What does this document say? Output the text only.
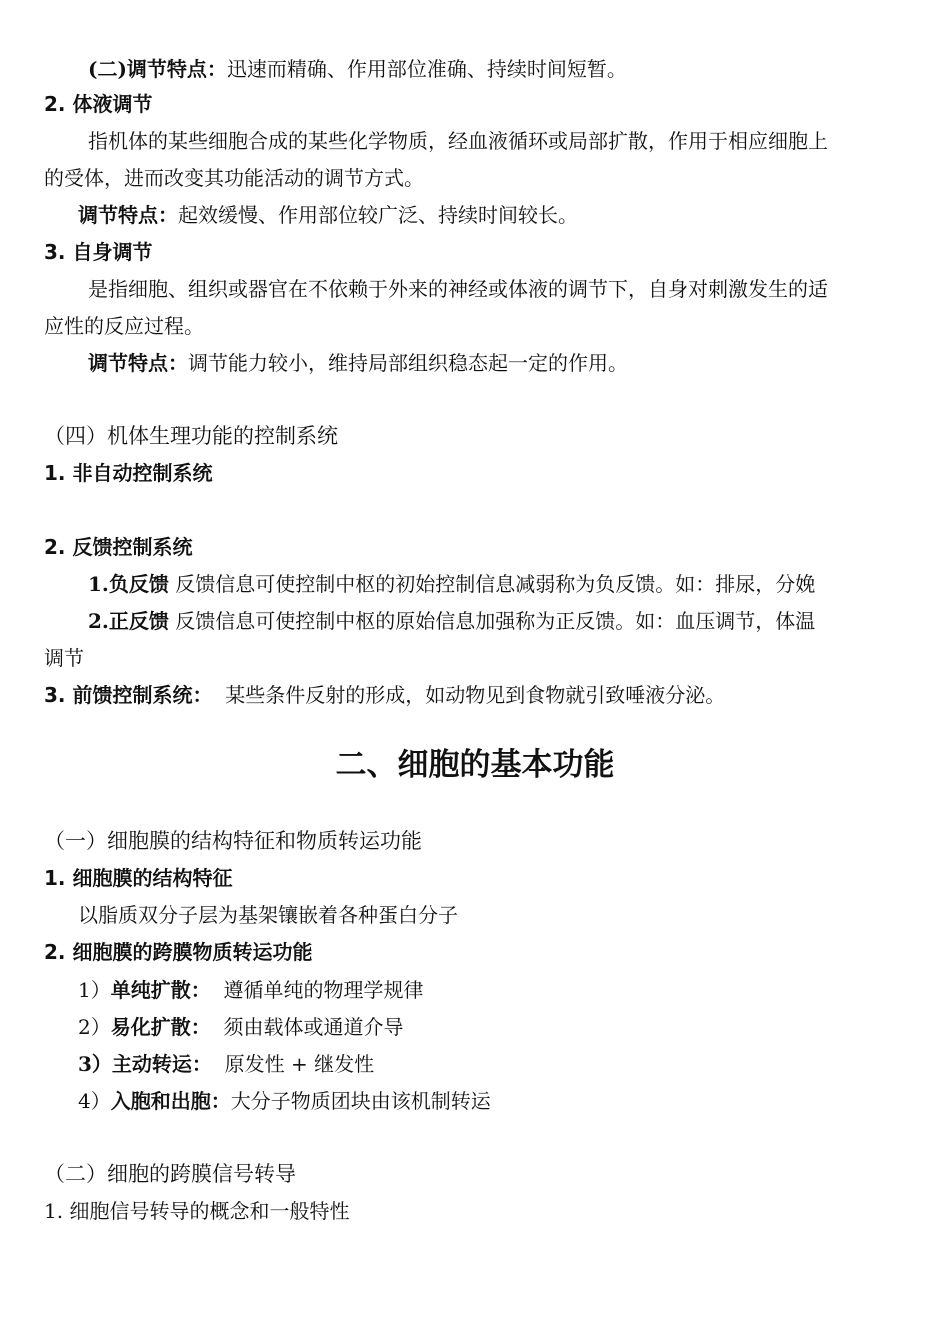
(二)调节特点：迅速而精确、作用部位准确、持续时间短暂。
2. 体液调节
指机体的某些细胞合成的某些化学物质，经血液循环或局部扩散，作用于相应细胞上
的受体，进而改变其功能活动的调节方式。
调节特点：起效缓慢、作用部位较广泛、持续时间较长。
3. 自身调节
是指细胞、组织或器官在不依赖于外来的神经或体液的调节下，自身对刺激发生的适
应性的反应过程。
调节特点：调节能力较小，维持局部组织稳态起一定的作用。
（四）机体生理功能的控制系统
1. 非自动控制系统
2. 反馈控制系统
1.负反馈 反馈信息可使控制中枢的初始控制信息减弱称为负反馈。如：排尿，分娩
2.正反馈 反馈信息可使控制中枢的原始信息加强称为正反馈。如：血压调节，体温
调节
3. 前馈控制系统： 某些条件反射的形成，如动物见到食物就引致唾液分泌。
二、细胞的基本功能
（一）细胞膜的结构特征和物质转运功能
1. 细胞膜的结构特征
以脂质双分子层为基架镶嵌着各种蛋白分子
2. 细胞膜的跨膜物质转运功能
1）单纯扩散： 遵循单纯的物理学规律
2）易化扩散： 须由载体或通道介导
3）主动转运： 原发性 + 继发性
4）入胞和出胞：大分子物质团块由该机制转运
（二）细胞的跨膜信号转导
1. 细胞信号转导的概念和一般特性
